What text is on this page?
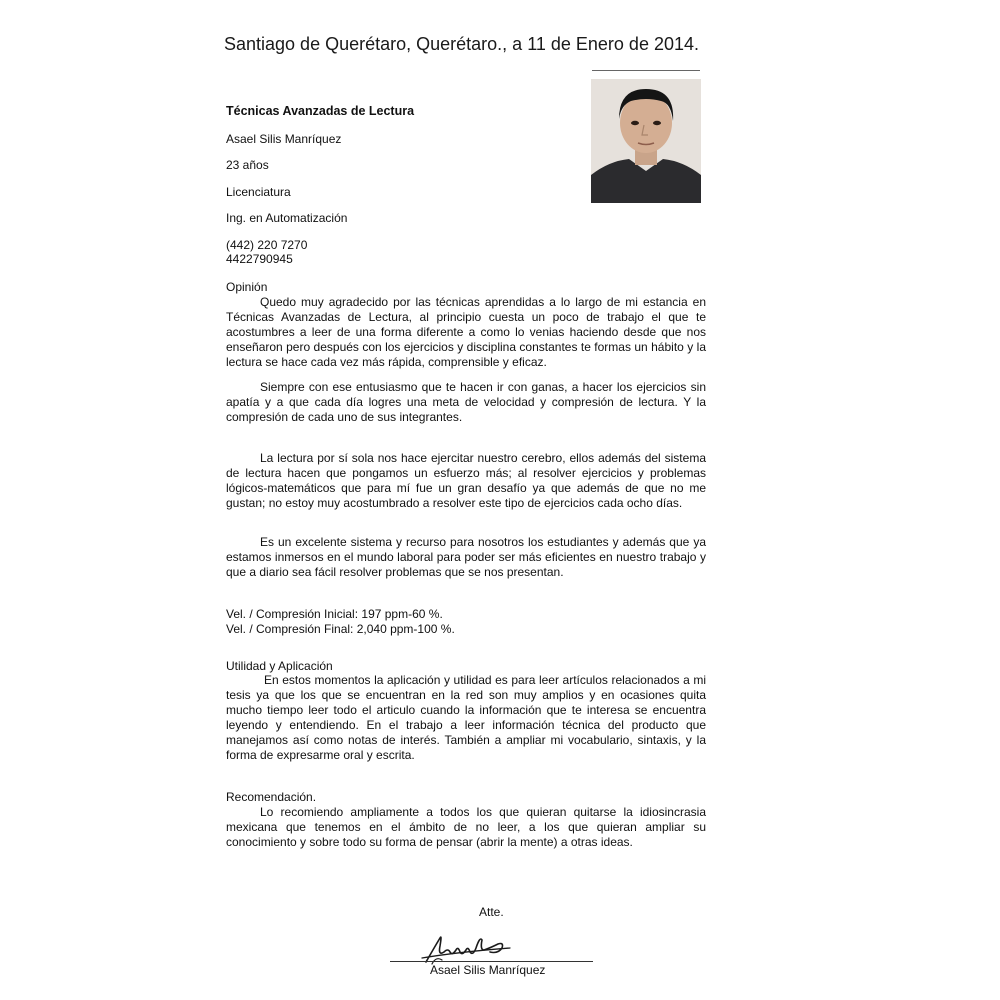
Santiago de Querétaro, Querétaro., a 11 de Enero de 2014.
Técnicas Avanzadas de Lectura
Asael Silis Manríquez
23 años
Licenciatura
Ing. en Automatización
(442) 220 7270
4422790945
Opinión

Quedo muy agradecido por las técnicas aprendidas a lo largo de mi estancia en Técnicas Avanzadas de Lectura, al principio cuesta un poco de trabajo el que te acostumbres a leer de una forma diferente a como lo venias haciendo desde que nos enseñaron pero después con los ejercicios y disciplina constantes te formas un hábito y la lectura se hace cada vez más rápida, comprensible y eficaz.

Siempre con ese entusiasmo que te hacen ir con ganas, a hacer los ejercicios sin apatía y a que cada día logres una meta de velocidad y compresión de lectura. Y la compresión de cada uno de sus integrantes.

La lectura por sí sola nos hace ejercitar nuestro cerebro, ellos además del sistema de lectura hacen que pongamos un esfuerzo más; al resolver ejercicios y problemas lógicos-matemáticos que para mí fue un gran desafío ya que además de que no me gustan; no estoy muy acostumbrado a resolver este tipo de ejercicios cada ocho días.

Es un excelente sistema y recurso para nosotros los estudiantes y además que ya estamos inmersos en el mundo laboral para poder ser más eficientes en nuestro trabajo y que a diario sea fácil resolver problemas que se nos presentan.

Vel. / Compresión Inicial: 197 ppm-60 %.
Vel. / Compresión Final: 2,040 ppm-100 %.
Utilidad y Aplicación

En estos momentos la aplicación y utilidad es para leer artículos relacionados a mi tesis ya que los que se encuentran en la red son muy amplios y en ocasiones quita mucho tiempo leer todo el articulo cuando la información que te interesa se encuentra leyendo y entendiendo. En el trabajo a leer información técnica del producto que manejamos así como notas de interés. También a ampliar mi vocabulario, sintaxis, y la forma de expresarme oral y escrita.

Recomendación.

Lo recomiendo ampliamente a todos los que quieran quitarse la idiosincrasia mexicana que tenemos en el ámbito de no leer, a los que quieran ampliar su conocimiento y sobre todo su forma de pensar (abrir la mente) a otras ideas.

Atte.
Asael Silis Manríquez
